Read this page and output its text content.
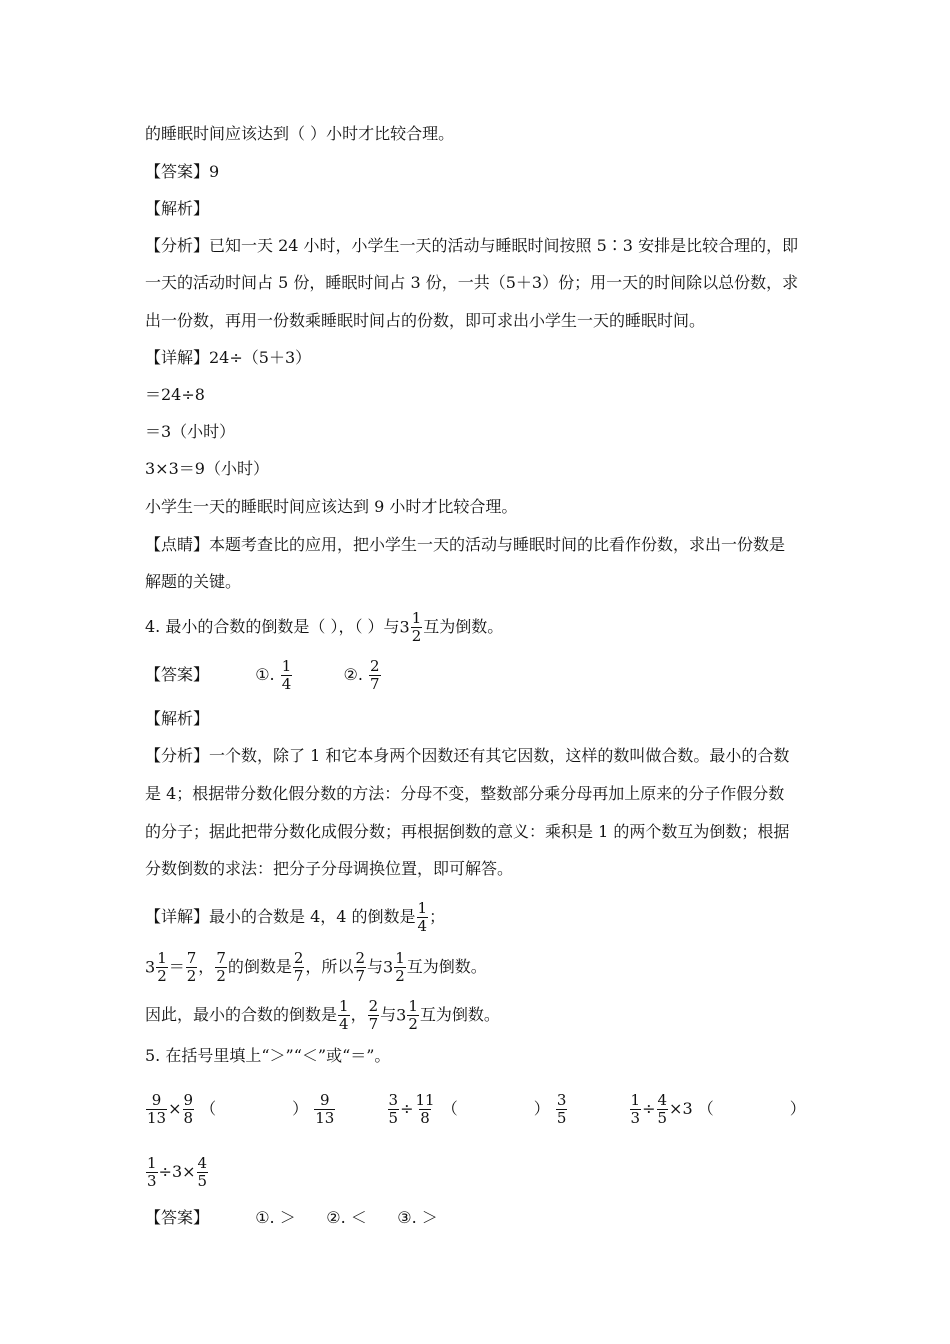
的睡眠时间应该达到（ ）小时才比较合理。
【答案】9
【解析】
【分析】已知一天 24 小时，小学生一天的活动与睡眠时间按照 5∶3 安排是比较合理的，即
一天的活动时间占 5 份，睡眠时间占 3 份，一共（5＋3）份；用一天的时间除以总份数，求
出一份数，再用一份数乘睡眠时间占的份数，即可求出小学生一天的睡眠时间。
【详解】24÷（5＋3）
＝24÷8
＝3（小时）
3×3＝9（小时）
小学生一天的睡眠时间应该达到 9 小时才比较合理。
【点睛】本题考查比的应用，把小学生一天的活动与睡眠时间的比看作份数，求出一份数是
解题的关键。
4. 最小的合数的倒数是（ ），（ ）与$3 \frac{1}{2}$ 互为倒数。
【答案】	①. $\frac{1}{4}$	②. $\frac{2}{7}$
【解析】
【分析】一个数，除了 1 和它本身两个因数还有其它因数，这样的数叫做合数。最小的合数
是 4；根据带分数化假分数的方法：分母不变，整数部分乘分母再加上原来的分子作假分数
的分子；据此把带分数化成假分数；再根据倒数的意义：乘积是 1 的两个数互为倒数；根据
分数倒数的求法：把分子分母调换位置，即可解答。
【详解】最小的合数是 4，4 的倒数是 $\frac{1}{4}$ ；
$3 \frac{1}{2} = \frac{7}{2}$ ， $\frac{7}{2}$ 的倒数是 $\frac{2}{7}$ ，所以 $\frac{2}{7}$ 与$3 \frac{1}{2}$ 互为倒数。
因此，最小的合数的倒数是 $\frac{1}{4}$ ， $\frac{2}{7}$ 与$3 \frac{1}{2}$ 互为倒数。
5. 在括号里填上“＞”“＜”或“＝”。
$\frac{9}{13} \times \frac{9}{8}$ （	） $\frac{9}{13}$
	$\frac{3}{5} \div \frac{11}{8}$ （	） $\frac{3}{5}$
	$\frac{1}{3} \div \frac{4}{5} \times 3$ （	）
$\frac{1}{3} \div 3\times \frac{4}{5}$
【答案】	①. ＞      ②. ＜      ③. ＞
